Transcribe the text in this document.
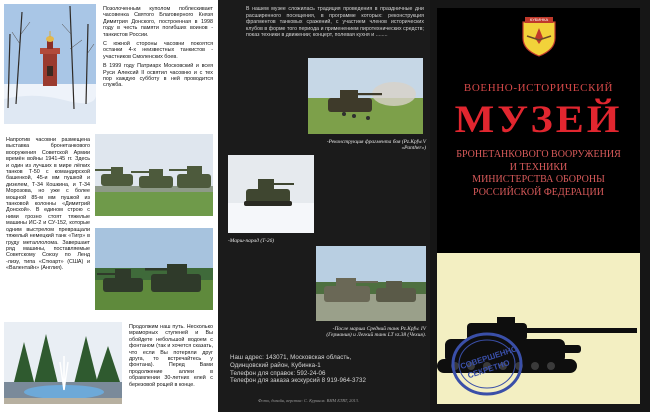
Позолоченным куполом поблескивает часовенка Святого Благоверного Князя Димитрия Донского, построенная в 1998 году в честь памяти погибших воинов - танкистов России.

С южной стороны часовни покоятся останки 4-х неизвестных танкистов - участников Смоленских боев.

В 1999 году Патриарх Московский и всея Руси Алексий II освятил часовню и с тех пор каждую субботу в ней проводится служба.

Напротив часовни размещена выставка бронетанкового вооружения Советской Армии времён войны 1941-45 гг. Здесь и один из лучших в мире лёгких танков Т-50 с командирской башенкой, 45-и мм пушкой и дизелем, Т-34 Кошкина, и Т-34 Морозова, но уже с более мощной 85-м мм пушкой из танковой колонны «Димитрий Донской». В едином строю с ними грозно стоят тяжелые машины ИС-2 и СУ-152, которые одним выстрелом превращали тяжелый немецкий танк «Тигр» в груду металлолома. Завершает ряд машины, поставляемые Советскому Союзу по Ленд -лизу, типа «Стюарт» (США) и «Валентайн» (Англия).
Продолжим наш путь. Несколько мраморных ступеней и Вы обойдете небольшой водоем с фонтаном (так и хочется сказать, что если Вы потеряли друг друга, то встречайтесь у фонтана). Перед Вами продолжение аллеи в обрамлении 30-летних елей с березовой рощей в конце.
В нашем музее сложилась традиция проведения в праздничные дни расширенного посещения, в программе которых: реконструкция фрагментов танковых сражений, с участием членов исторических клубов в форме того периода и применением пиротехнических средств; показ техники в движении; концерт, полевая кухня и ........
-Реконструкция фрагмента боя (Pz.Kpfw.V «Panther»)
-Марш-парад (Т-26)
-После марша Средний танк Pz.Kpfw. IV (Германия) и Легкий танк LT vz.38 (Чехия).
Наш адрес: 143071, Московская область,
Одинцовский район, Кубинка-1
Телефон для справок: 592-24-06
Телефон для заказа экскурсий 8 919-964-3732
Фото, дизайн, верстка: С. Куринов. ВИМ БТВТ, 2013.
КУБИНКА
ВОЕННО-ИСТОРИЧЕСКИЙ
МУЗЕЙ
БРОНЕТАНКОВОГО ВООРУЖЕНИЯ
И ТЕХНИКИ
МИНИСТЕРСТВА ОБОРОНЫ
РОССИЙСКОЙ ФЕДЕРАЦИИ
СОВЕРШЕННО СЕКРЕТНО
